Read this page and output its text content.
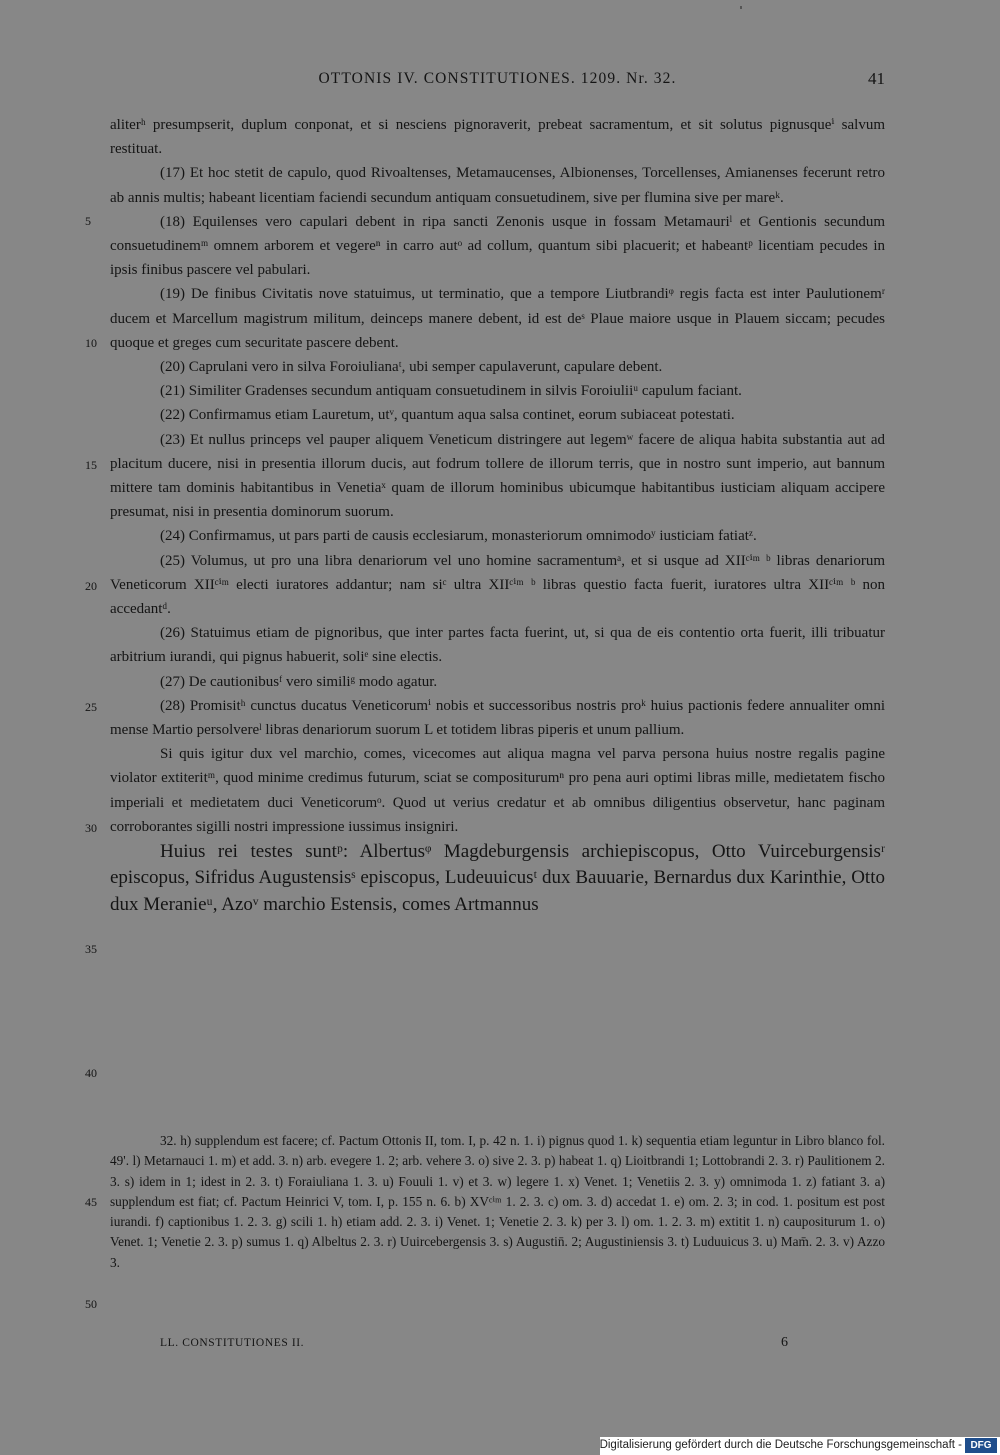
OTTONIS IV. CONSTITUTIONES. 1209. Nr. 32.	41

aliterʰ presumpserit, duplum conponat, et si nesciens pignoraverit, prebeat sacramentum, et sit solutus pignusqueⁱ salvum restituat.

(17) Et hoc stetit de capulo, quod Rivoaltenses, Metamaucenses, Albionenses, Torcellenses, Amianenses fecerunt retro ab annis multis; habeant licentiam faciendi secundum antiquam consuetudinem, sive per flumina sive per mareᵏ.

(18) Equilenses vero capulari debent in ripa sancti Zenonis usque in fossam Metamauriˡ et Gentionis secundum consuetudinemᵐ omnem arborem et vegereⁿ in carro autᵒ ad collum, quantum sibi placuerit; et habeantᵖ licentiam pecudes in ipsis finibus pascere vel pabulari.

(19) De finibus Civitatis nove statuimus, ut terminatio, que a tempore Liutbrandiᵠ regis facta est inter Paulutionemʳ ducem et Marcellum magistrum militum, deinceps manere debent, id est deˢ Plaue maiore usque in Plauem siccam; pecudes quoque et greges cum securitate pascere debent.

(20) Caprulani vero in silva Foroiulianaᵗ, ubi semper capulaverunt, capulare debent.

(21) Similiter Gradenses secundum antiquam consuetudinem in silvis Foroiuliiᵘ capulum faciant.

(22) Confirmamus etiam Lauretum, utᵛ, quantum aqua salsa continet, eorum subiaceat potestati.

(23) Et nullus princeps vel pauper aliquem Veneticum distringere aut legemʷ facere de aliqua habita substantia aut ad placitum ducere, nisi in presentia illorum ducis, aut fodrum tollere de illorum terris, que in nostro sunt imperio, aut bannum mittere tam dominis habitantibus in Venetiaˣ quam de illorum hominibus ubicumque habitantibus iusticiam aliquam accipere presumat, nisi in presentia dominorum suorum.

(24) Confirmamus, ut pars parti de causis ecclesiarum, monasteriorum omnimodoʸ iusticiam fatiatᶻ.

(25) Volumus, ut pro una libra denariorum vel uno homine sacramentumᵃ, et si usque ad XIIᶜⁱᵐ ᵇ libras denariorum Veneticorum XIIᶜⁱᵐ electi iuratores addantur; nam siᶜ ultra XIIᶜⁱᵐ ᵇ libras questio facta fuerit, iuratores ultra XIIᶜⁱᵐ ᵇ non accedantᵈ.

(26) Statuimus etiam de pignoribus, que inter partes facta fuerint, ut, si qua de eis contentio orta fuerit, illi tribuatur arbitrium iurandi, qui pignus habuerit, soliᵉ sine electis.

(27) De cautionibusᶠ vero similiᵍ modo agatur.

(28) Promisitʰ cunctus ducatus Veneticorumⁱ nobis et successoribus nostris proᵏ huius pactionis federe annualiter omni mense Martio persolvereˡ libras denariorum suorum L et totidem libras piperis et unum pallium.

Si quis igitur dux vel marchio, comes, vicecomes aut aliqua magna vel parva persona huius nostre regalis pagine violator extiteritᵐ, quod minime credimus futurum, sciat se compositurumⁿ pro pena auri optimi libras mille, medietatem fischo imperiali et medietatem duci Veneticorumᵒ. Quod ut verius credatur et ab omnibus diligentius observetur, hanc paginam corroborantes sigilli nostri impressione iussimus insigniri.

Huius rei testes suntᵖ: Albertusᵠ Magdeburgensis archiepiscopus, Otto Vuirceburgensisʳ episcopus, Sifridus Augustensisˢ episcopus, Ludeuuicusᵗ dux Bauuarie, Bernardus dux Karinthie, Otto dux Meranieᵘ, Azoᵛ marchio Estensis, comes Artmannus

5
10
15
20
25
30
35
40
45
50

32. h) supplendum est facere; cf. Pactum Ottonis II, tom. I, p. 42 n. 1. i) pignus quod 1. k) sequentia etiam leguntur in Libro blanco fol. 49'. l) Metarnauci 1. m) et add. 3. n) arb. evegere 1. 2; arb. vehere 3. o) sive 2. 3. p) habeat 1. q) Lioitbrandi 1; Lottobrandi 2. 3. r) Paulitionem 2. 3. s) idem in 1; idest in 2. 3. t) Foraiuliana 1. 3. u) Fouuli 1. v) et 3. w) legere 1. x) Venet. 1; Venetiis 2. 3. y) omnimoda 1. z) fatiant 3. a) supplendum est fiat; cf. Pactum Heinrici V, tom. I, p. 155 n. 6. b) XVᶜⁱᵐ 1. 2. 3. c) om. 3. d) accedat 1. e) om. 2. 3; in cod. 1. positum est post iurandi. f) captionibus 1. 2. 3. g) scili 1. h) etiam add. 2. 3. i) Venet. 1; Venetie 2. 3. k) per 3. l) om. 1. 2. 3. m) extitit 1. n) caupositurum 1. o) Venet. 1; Venetie 2. 3. p) sumus 1. q) Albeltus 2. 3. r) Uuircebergensis 3. s) Augustin̄. 2; Augustiniensis 3. t) Luduuicus 3. u) Mam̄. 2. 3. v) Azzo 3.

LL. CONSTITUTIONES II.	6
Digitalisierung gefördert durch die Deutsche Forschungsgemeinschaft - DFG
